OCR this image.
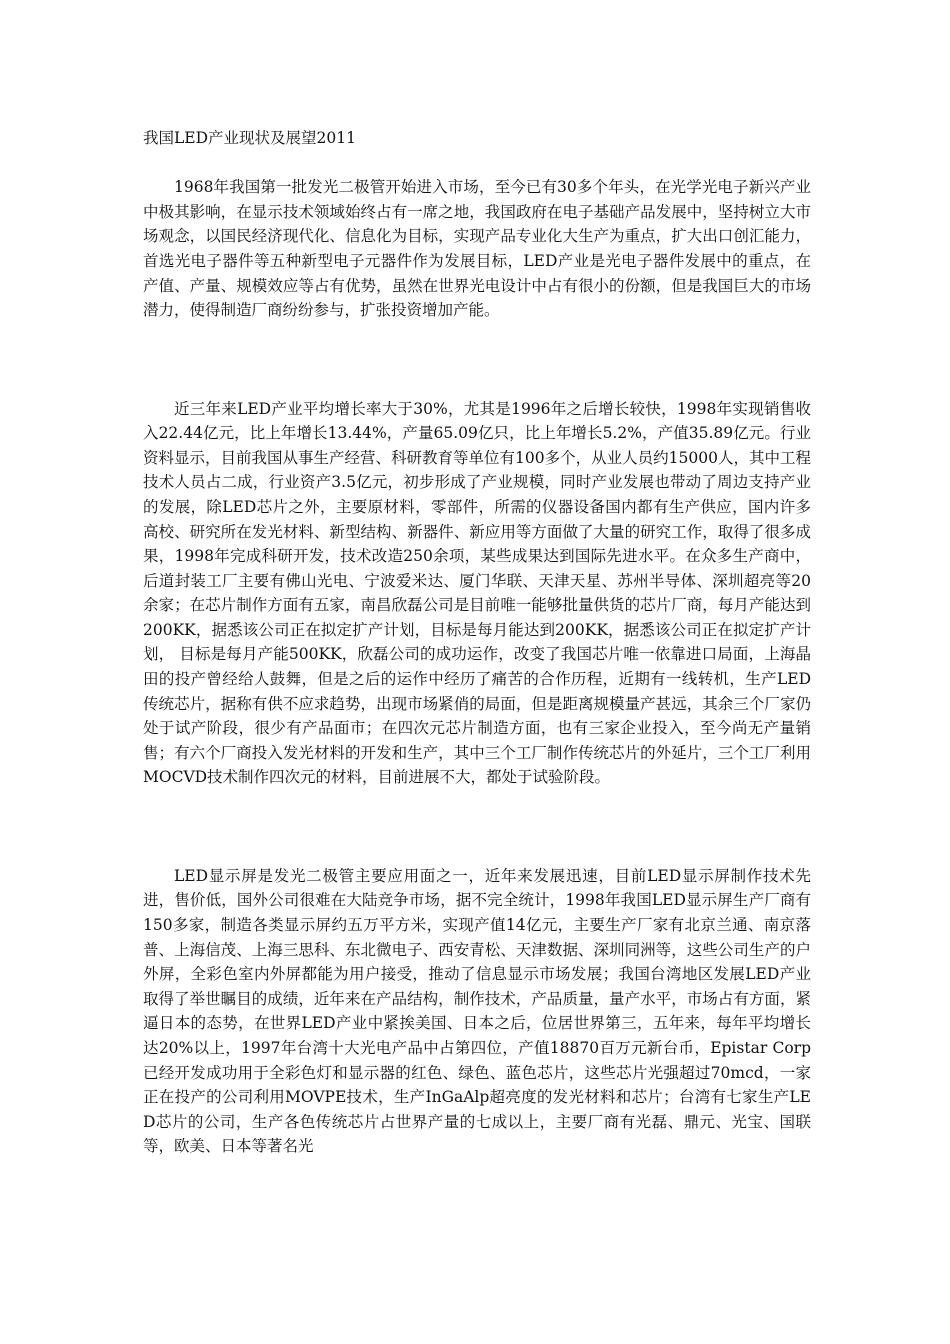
我国LED产业现状及展望2011

1968年我国第一批发光二极管开始进入市场，至今已有30多个年头，在光学光电子新兴产业中极其影响，在显示技术领域始终占有一席之地，我国政府在电子基础产品发展中，坚持树立大市场观念，以国民经济现代化、信息化为目标，实现产品专业化大生产为重点，扩大出口创汇能力，首选光电子器件等五种新型电子元器件作为发展目标，LED产业是光电子器件发展中的重点，在产值、产量、规模效应等占有优势，虽然在世界光电设计中占有很小的份额，但是我国巨大的市场潜力，使得制造厂商纷纷参与，扩张投资增加产能。

近三年来LED产业平均增长率大于30%，尤其是1996年之后增长较快，1998年实现销售收入22.44亿元，比上年增长13.44%，产量65.09亿只，比上年增长5.2%，产值35.89亿元。行业资料显示，目前我国从事生产经营、科研教育等单位有100多个，从业人员约15000人，其中工程技术人员占二成，行业资产3.5亿元，初步形成了产业规模，同时产业发展也带动了周边支持产业的发展，除LED芯片之外，主要原材料，零部件，所需的仪器设备国内都有生产供应，国内许多高校、研究所在发光材料、新型结构、新器件、新应用等方面做了大量的研究工作，取得了很多成果，1998年完成科研开发，技术改造250余项，某些成果达到国际先进水平。在众多生产商中，后道封装工厂主要有佛山光电、宁波爱米达、厦门华联、天津天星、苏州半导体、深圳超亮等20余家；在芯片制作方面有五家，南昌欣磊公司是目前唯一能够批量供货的芯片厂商，每月产能达到200KK，据悉该公司正在拟定扩产计划，目标是每月能达到200KK，据悉该公司正在拟定扩产计划， 目标是每月产能500KK，欣磊公司的成功运作，改变了我国芯片唯一依靠进口局面，上海晶田的投产曾经给人鼓舞，但是之后的运作中经历了痛苦的合作历程，近期有一线转机，生产LED传统芯片，据称有供不应求趋势，出现市场紧俏的局面，但是距离规模量产甚远，其余三个厂家仍处于试产阶段，很少有产品面市；在四次元芯片制造方面，也有三家企业投入，至今尚无产量销售；有六个厂商投入发光材料的开发和生产，其中三个工厂制作传统芯片的外延片，三个工厂利用MOCVD技术制作四次元的材料，目前进展不大，都处于试验阶段。

LED显示屏是发光二极管主要应用面之一，近年来发展迅速，目前LED显示屏制作技术先进，售价低，国外公司很难在大陆竞争市场，据不完全统计，1998年我国LED显示屏生产厂商有150多家，制造各类显示屏约五万平方米，实现产值14亿元，主要生产厂家有北京兰通、南京落普、上海信茂、上海三思科、东北微电子、西安青松、天津数据、深圳同洲等，这些公司生产的户外屏，全彩色室内外屏都能为用户接受，推动了信息显示市场发展；我国台湾地区发展LED产业取得了举世瞩目的成绩，近年来在产品结构，制作技术，产品质量，量产水平，市场占有方面，紧逼日本的态势，在世界LED产业中紧挨美国、日本之后，位居世界第三，五年来，每年平均增长达20%以上，1997年台湾十大光电产品中占第四位，产值18870百万元新台币，Epistar Corp已经开发成功用于全彩色灯和显示器的红色、绿色、蓝色芯片，这些芯片光强超过70mcd，一家正在投产的公司利用MOVPE技术，生产InGaAlp超亮度的发光材料和芯片；台湾有七家生产LED芯片的公司，生产各色传统芯片占世界产量的七成以上，主要厂商有光磊、鼎元、光宝、国联等，欧美、日本等著名光
